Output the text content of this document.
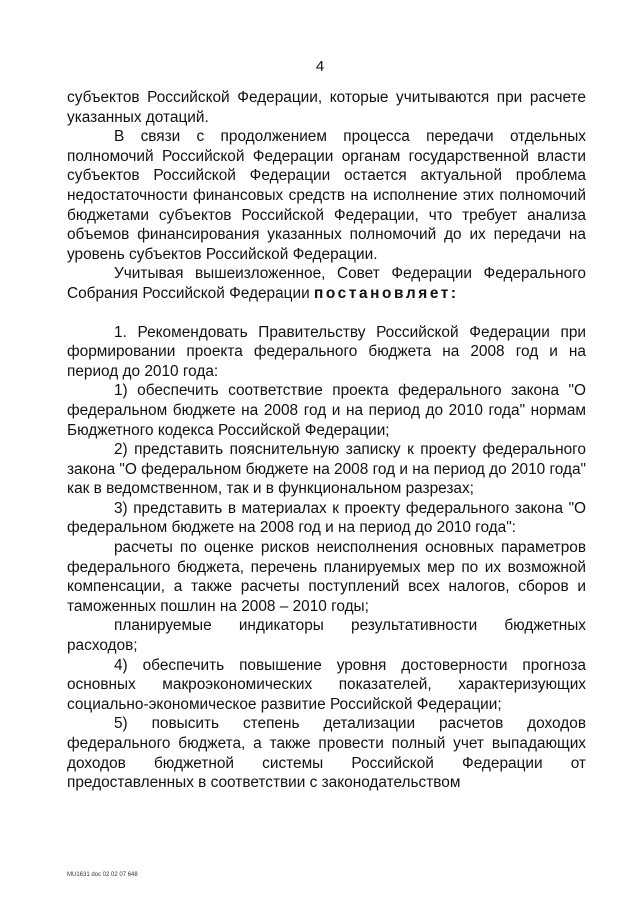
4

субъектов Российской Федерации, которые учитываются при расчете указанных дотаций.

В связи с продолжением процесса передачи отдельных полномочий Российской Федерации органам государственной власти субъектов Российской Федерации остается актуальной проблема недостаточности финансовых средств на исполнение этих полномочий бюджетами субъектов Российской Федерации, что требует анализа объемов финансирования указанных полномочий до их передачи на уровень субъектов Российской Федерации.

Учитывая вышеизложенное, Совет Федерации Федерального Собрания Российской Федерации постановляет:

1. Рекомендовать Правительству Российской Федерации при формировании проекта федерального бюджета на 2008 год и на период до 2010 года:

1) обеспечить соответствие проекта федерального закона "О федеральном бюджете на 2008 год и на период до 2010 года" нормам Бюджетного кодекса Российской Федерации;

2) представить пояснительную записку к проекту федерального закона "О федеральном бюджете на 2008 год и на период до 2010 года" как в ведомственном, так и в функциональном разрезах;

3) представить в материалах к проекту федерального закона "О федеральном бюджете на 2008 год и на период до 2010 года":

расчеты по оценке рисков неисполнения основных параметров федерального бюджета, перечень планируемых мер по их возможной компенсации, а также расчеты поступлений всех налогов, сборов и таможенных пошлин на 2008 – 2010 годы;

планируемые индикаторы результативности бюджетных расходов;

4) обеспечить повышение уровня достоверности прогноза основных макроэкономических показателей, характеризующих социально-экономическое развитие Российской Федерации;

5) повысить степень детализации расчетов доходов федерального бюджета, а также провести полный учет выпадающих доходов бюджетной системы Российской Федерации от предоставленных в соответствии с законодательством

МU1631 doc 02 02 07 648
